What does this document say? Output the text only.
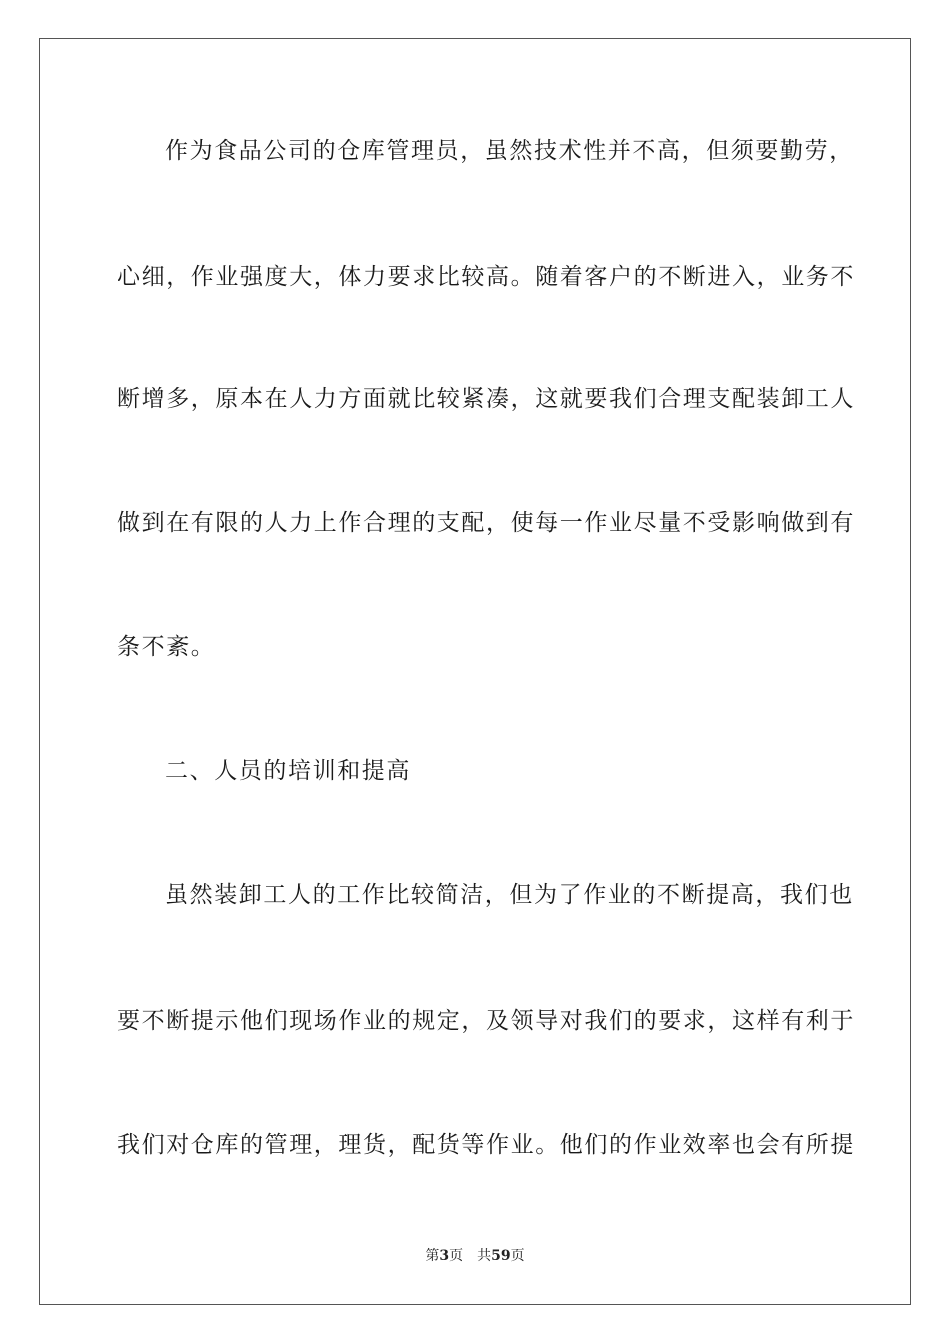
作为食品公司的仓库管理员，虽然技术性并不高，但须要勤劳，
心细，作业强度大，体力要求比较高。随着客户的不断进入，业务不
断增多，原本在人力方面就比较紧凑，这就要我们合理支配装卸工人
做到在有限的人力上作合理的支配，使每一作业尽量不受影响做到有
条不紊。
二、人员的培训和提高
虽然装卸工人的工作比较简洁，但为了作业的不断提高，我们也
要不断提示他们现场作业的规定，及领导对我们的要求，这样有利于
我们对仓库的管理，理货，配货等作业。他们的作业效率也会有所提
第3页 共59页
